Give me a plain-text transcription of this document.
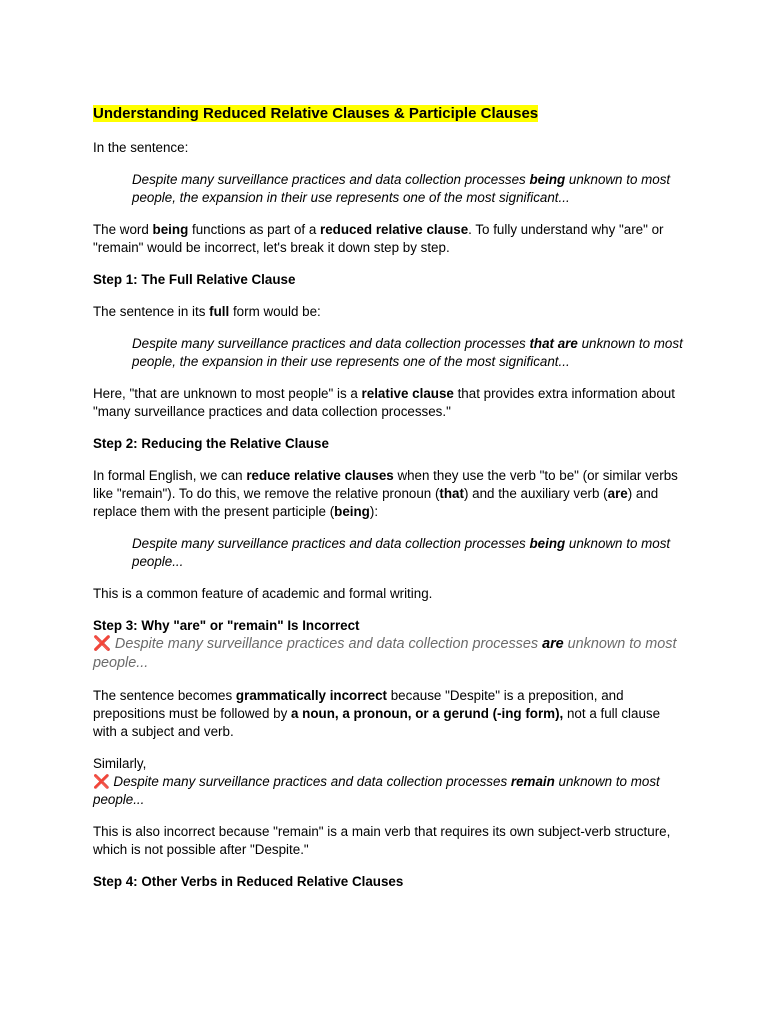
Understanding Reduced Relative Clauses & Participle Clauses

In the sentence:

Despite many surveillance practices and data collection processes being unknown to most people, the expansion in their use represents one of the most significant...

The word being functions as part of a reduced relative clause. To fully understand why "are" or "remain" would be incorrect, let's break it down step by step.

Step 1: The Full Relative Clause

The sentence in its full form would be:

Despite many surveillance practices and data collection processes that are unknown to most people, the expansion in their use represents one of the most significant...

Here, "that are unknown to most people" is a relative clause that provides extra information about "many surveillance practices and data collection processes."

Step 2: Reducing the Relative Clause

In formal English, we can reduce relative clauses when they use the verb "to be" (or similar verbs like "remain"). To do this, we remove the relative pronoun (that) and the auxiliary verb (are) and replace them with the present participle (being):

Despite many surveillance practices and data collection processes being unknown to most people...

This is a common feature of academic and formal writing.

Step 3: Why "are" or "remain" Is Incorrect

❌ Despite many surveillance practices and data collection processes are unknown to most people...

The sentence becomes grammatically incorrect because "Despite" is a preposition, and prepositions must be followed by a noun, a pronoun, or a gerund (-ing form), not a full clause with a subject and verb.

Similarly,

❌ Despite many surveillance practices and data collection processes remain unknown to most people...

This is also incorrect because "remain" is a main verb that requires its own subject-verb structure, which is not possible after "Despite."

Step 4: Other Verbs in Reduced Relative Clauses
